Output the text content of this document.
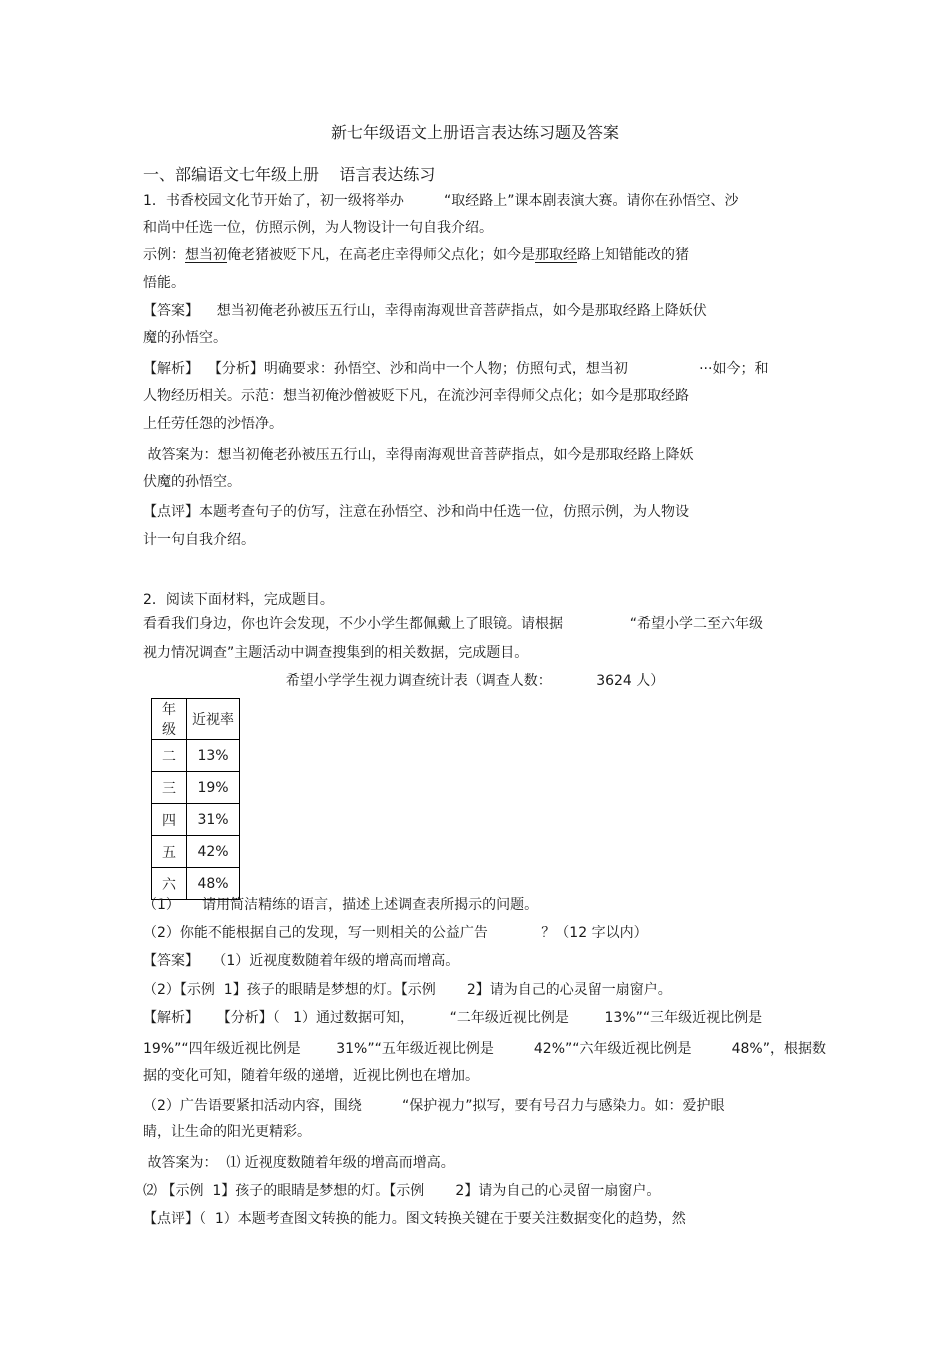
新七年级语文上册语言表达练习题及答案
一、部编语文七年级上册    语言表达练习
1．书香校园文化节开始了，初一级将举办         “取经路上”课本剧表演大赛。请你在孙悟空、沙
和尚中任选一位，仿照示例，为人物设计一句自我介绍。
示例：想当初俺老猪被贬下凡，在高老庄幸得师父点化；如今是那取经路上知错能改的猪
悟能。
【答案】    想当初俺老孙被压五行山，幸得南海观世音菩萨指点，如今是那取经路上降妖伏
魔的孙悟空。
【解析】  【分析】明确要求：孙悟空、沙和尚中一个人物；仿照句式，想当初                ···如今；和
人物经历相关。示范：想当初俺沙僧被贬下凡，在流沙河幸得师父点化；如今是那取经路
上任劳任怨的沙悟净。
故答案为：想当初俺老孙被压五行山，幸得南海观世音菩萨指点，如今是那取经路上降妖
伏魔的孙悟空。
【点评】本题考查句子的仿写，注意在孙悟空、沙和尚中任选一位，仿照示例，为人物设
计一句自我介绍。
2．阅读下面材料，完成题目。
看看我们身边，你也许会发现，不少小学生都佩戴上了眼镜。请根据               “希望小学二至六年级
视力情况调查”主题活动中调查搜集到的相关数据，完成题目。
希望小学学生视力调查统计表（调查人数：          3624 人）
年级	近视率
二	13%
三	19%
四	31%
五	42%
六	48%
（1）     请用简洁精练的语言，描述上述调查表所揭示的问题。
（2）你能不能根据自己的发现，写一则相关的公益广告            ？（12 字以内）
【答案】   （1）近视度数随着年级的增高而增高。
（2）【示例  1】孩子的眼睛是梦想的灯。【示例       2】请为自己的心灵留一扇窗户。
【解析】    【分析】（   1）通过数据可知，        “二年级近视比例是        13%”“三年级近视比例是
19%”“四年级近视比例是        31%”“五年级近视比例是         42%”“六年级近视比例是         48%”，根据数
据的变化可知，随着年级的递增，近视比例也在增加。
（2）广告语要紧扣活动内容，围绕         “保护视力”拟写，要有号召力与感染力。如：爱护眼
睛，让生命的阳光更精彩。
故答案为：  ⑴ 近视度数随着年级的增高而增高。
⑵ 【示例  1】孩子的眼睛是梦想的灯。【示例       2】请为自己的心灵留一扇窗户。
【点评】（  1）本题考查图文转换的能力。图文转换关键在于要关注数据变化的趋势，然
